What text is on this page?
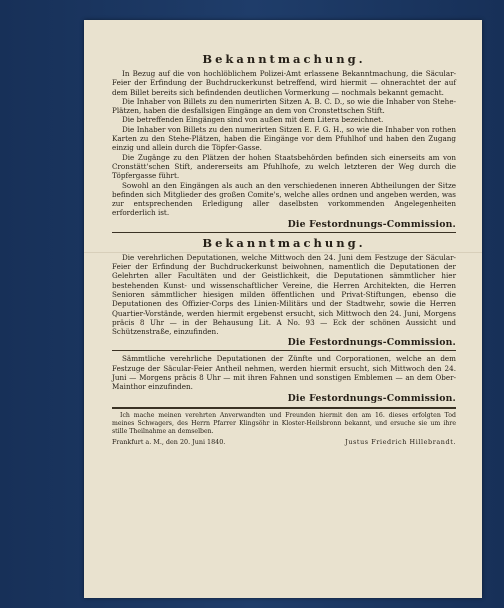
Bekanntmachung.

In Bezug auf die von hochlöblichem Polizei-Amt erlassene Bekanntmachung, die Säcular-Feier der Erfindung der Buchdruckerkunst betreffend, wird hiermit — ohnerachtet der auf dem Billet bereits sich befindenden deutlichen Vormerkung — nochmals bekannt gemacht.

Die Inhaber von Billets zu den numerirten Sitzen A. B. C. D., so wie die Inhaber von Stehe-Plätzen, haben die desfallsigen Eingänge an dem von Cronstettschen Stift.

Die betreffenden Eingängen sind von außen mit dem Litera bezeichnet.

Die Inhaber von Billets zu den numerirten Sitzen E. F. G. H., so wie die Inhaber von rothen Karten zu den Stehe-Plätzen, haben die Eingänge vor dem Pfuhlhof und haben den Zugang einzig und allein durch die Töpfer-Gasse.

Die Zugänge zu den Plätzen der hohen Staatsbehörden befinden sich einerseits am von Cronstätt'schen Stift, andererseits am Pfuhlhofe, zu welch letzteren der Weg durch die Töpfergasse führt.

Sowohl an den Eingängen als auch an den verschiedenen inneren Abtheilungen der Sitze befinden sich Mitglieder des großen Comite's, welche alles ordnen und angeben werden, was zur entsprechenden Erledigung aller daselbsten vorkommenden Angelegenheiten erforderlich ist.

Die Festordnungs-Commission.
Bekanntmachung.

Die verehrlichen Deputationen, welche Mittwoch den 24. Juni dem Festzuge der Säcular-Feier der Erfindung der Buchdruckerkunst beiwohnen, namentlich die Deputationen der Gelehrten aller Facultäten und der Geistlichkeit, die Deputationen sämmtlicher hier bestehenden Kunst- und wissenschaftlicher Vereine, die Herren Architekten, die Herren Senioren sämmtlicher hiesigen milden öffentlichen und Privat-Stiftungen, ebenso die Deputationen des Offizier-Corps des Linien-Militärs und der Stadtwehr, sowie die Herren Quartier-Vorstände, werden hiermit ergebenst ersucht, sich Mittwoch den 24. Juni, Morgens präcis 8 Uhr — in der Behausung Lit. A No. 93 — Eck der schönen Aussicht und Schützenstraße, einzufinden.

Die Festordnungs-Commission.

Sämmtliche verehrliche Deputationen der Zünfte und Corporationen, welche an dem Festzuge der Säcular-Feier Antheil nehmen, werden hiermit ersucht, sich Mittwoch den 24. Juni — Morgens präcis 8 Uhr — mit ihren Fahnen und sonstigen Emblemen — an dem Ober-Mainthor einzufinden.

Die Festordnungs-Commission.

Ich mache meinen verehrten Anverwandten und Freunden hiermit den am 16. dieses erfolgten Tod meines Schwagers, des Herrn Pfarrer Klingsöhr in Kloster-Heilsbronn bekannt, und ersuche sie um ihre stille Theilnahme an demselben.

Frankfurt a. M., den 20. Juni 1840.	Justus Friedrich Hillebrandt.
